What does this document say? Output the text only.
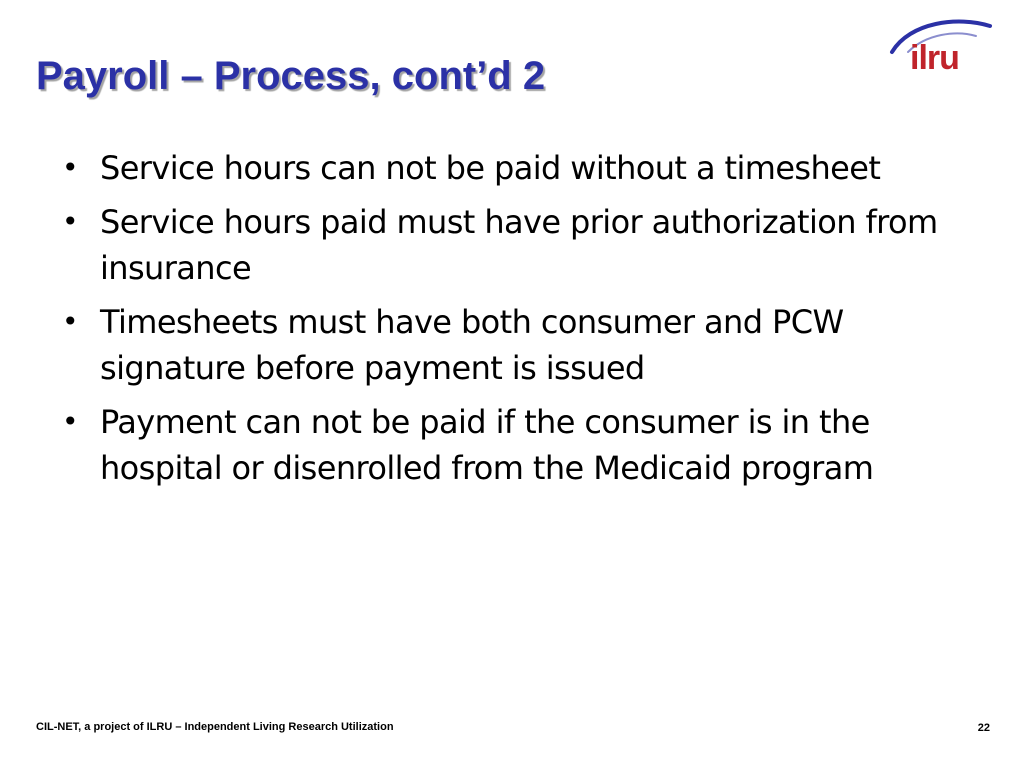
Payroll – Process, cont’d 2	ilru
• Service hours can not be paid without a timesheet
• Service hours paid must have prior authorization from insurance
• Timesheets must have both consumer and PCW signature before payment is issued
• Payment can not be paid if the consumer is in the hospital or disenrolled from the Medicaid program
CIL-NET, a project of ILRU – Independent Living Research Utilization	22
